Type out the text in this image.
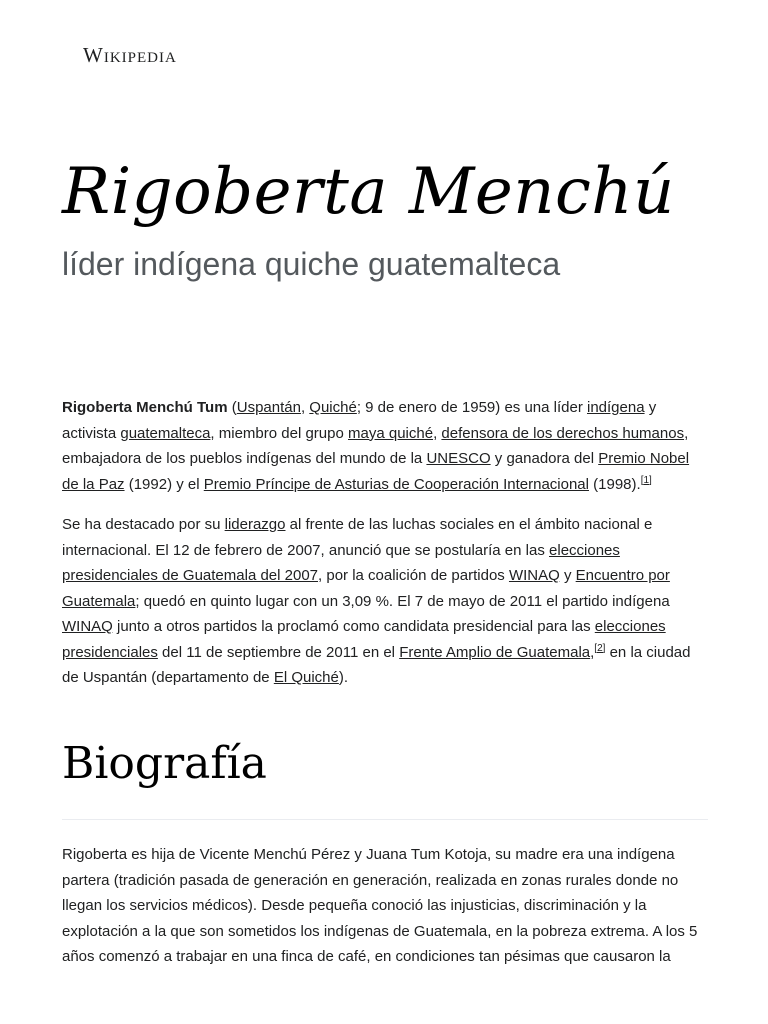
Wikipedia
Rigoberta Menchú
líder indígena quiche guatemalteca

Rigoberta Menchú Tum (Uspantán, Quiché; 9 de enero de 1959) es una líder indígena y activista guatemalteca, miembro del grupo maya quiché, defensora de los derechos humanos, embajadora de los pueblos indígenas del mundo de la UNESCO y ganadora del Premio Nobel de la Paz (1992) y el Premio Príncipe de Asturias de Cooperación Internacional (1998).[1]

Se ha destacado por su liderazgo al frente de las luchas sociales en el ámbito nacional e internacional. El 12 de febrero de 2007, anunció que se postularía en las elecciones presidenciales de Guatemala del 2007, por la coalición de partidos WINAQ y Encuentro por Guatemala; quedó en quinto lugar con un 3,09 %. El 7 de mayo de 2011 el partido indígena WINAQ junto a otros partidos la proclamó como candidata presidencial para las elecciones presidenciales del 11 de septiembre de 2011 en el Frente Amplio de Guatemala,[2] en la ciudad de Uspantán (departamento de El Quiché).

Biografía

Rigoberta es hija de Vicente Menchú Pérez y Juana Tum Kotoja, su madre era una indígena partera (tradición pasada de generación en generación, realizada en zonas rurales donde no llegan los servicios médicos). Desde pequeña conoció las injusticias, discriminación y la explotación a la que son sometidos los indígenas de Guatemala, en la pobreza extrema. A los 5 años comenzó a trabajar en una finca de café, en condiciones tan pésimas que causaron la
